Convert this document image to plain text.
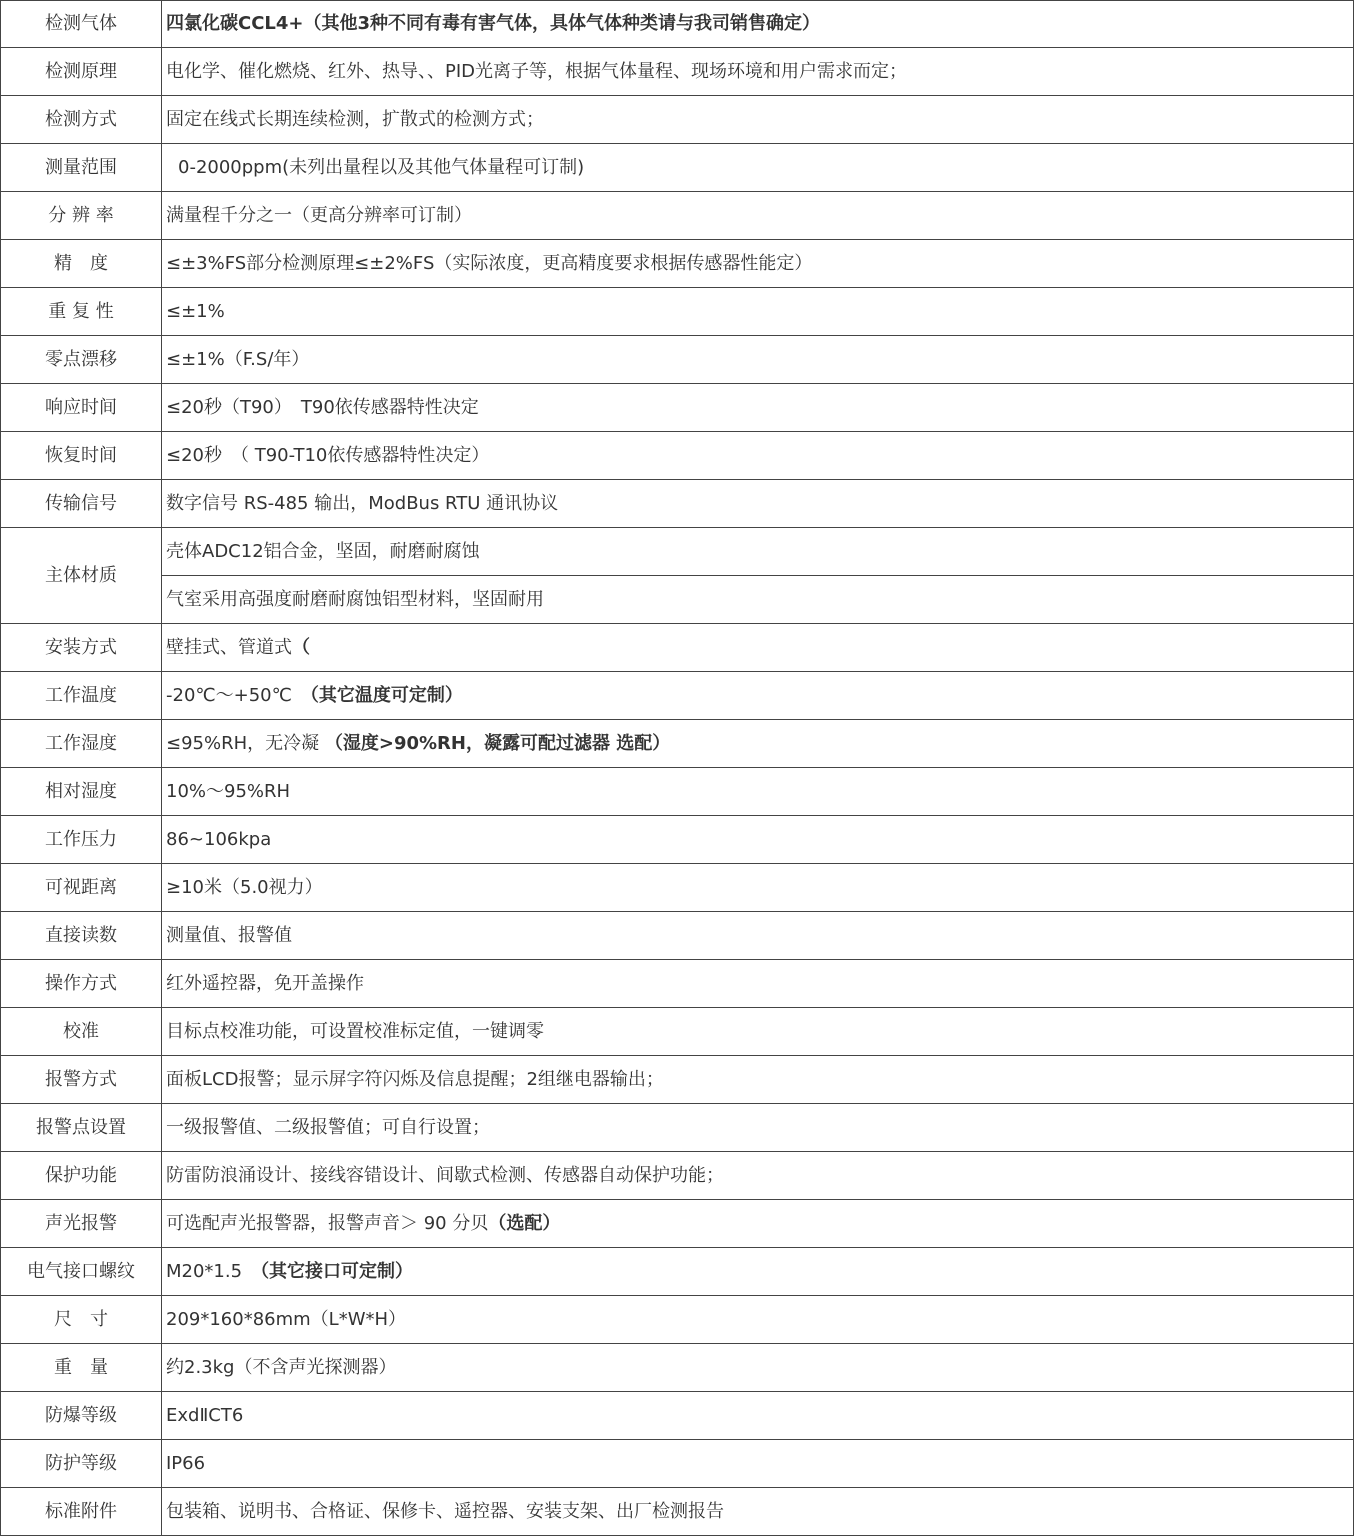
检测气体	四氯化碳CCL4+（其他3种不同有毒有害气体，具体气体种类请与我司销售确定）
检测原理	电化学、催化燃烧、红外、热导、、PID光离子等，根据气体量程、现场环境和用户需求而定；
检测方式	固定在线式长期连续检测，扩散式的检测方式；
测量范围	0-2000ppm(未列出量程以及其他气体量程可订制)
分 辨 率	满量程千分之一（更高分辨率可订制）
精　度	≤±3%FS部分检测原理≤±2%FS（实际浓度，更高精度要求根据传感器性能定）
重 复 性	≤±1%
零点漂移	≤±1%（F.S/年）
响应时间	≤20秒（T90）　T90依传感器特性决定
恢复时间	≤20秒　（ T90-T10依传感器特性决定）
传输信号	数字信号 RS-485 输出，ModBus RTU 通讯协议
主体材质	壳体ADC12铝合金，坚固，耐磨耐腐蚀
	气室采用高强度耐磨耐腐蚀铝型材料，坚固耐用
安装方式	壁挂式、管道式（
工作温度	-20℃～+50℃　（其它温度可定制）
工作湿度	≤95%RH，无冷凝 （湿度>90%RH，凝露可配过滤器 选配）
相对湿度	10%～95%RH
工作压力	86~106kpa
可视距离	≥10米（5.0视力）
直接读数	测量值、报警值
操作方式	红外遥控器，免开盖操作
校准	目标点校准功能，可设置校准标定值，一键调零
报警方式	面板LCD报警；显示屏字符闪烁及信息提醒；2组继电器输出；
报警点设置	一级报警值、二级报警值；可自行设置；
保护功能	防雷防浪涌设计、接线容错设计、间歇式检测、传感器自动保护功能；
声光报警	可选配声光报警器，报警声音＞ 90 分贝（选配）
电气接口螺纹	M20*1.5　（其它接口可定制）
尺　寸	209*160*86mm（L*W*H）
重　量	约2.3kg（不含声光探测器）
防爆等级	ExdⅡCT6
防护等级	IP66
标准附件	包装箱、说明书、合格证、保修卡、遥控器、安装支架、出厂检测报告
